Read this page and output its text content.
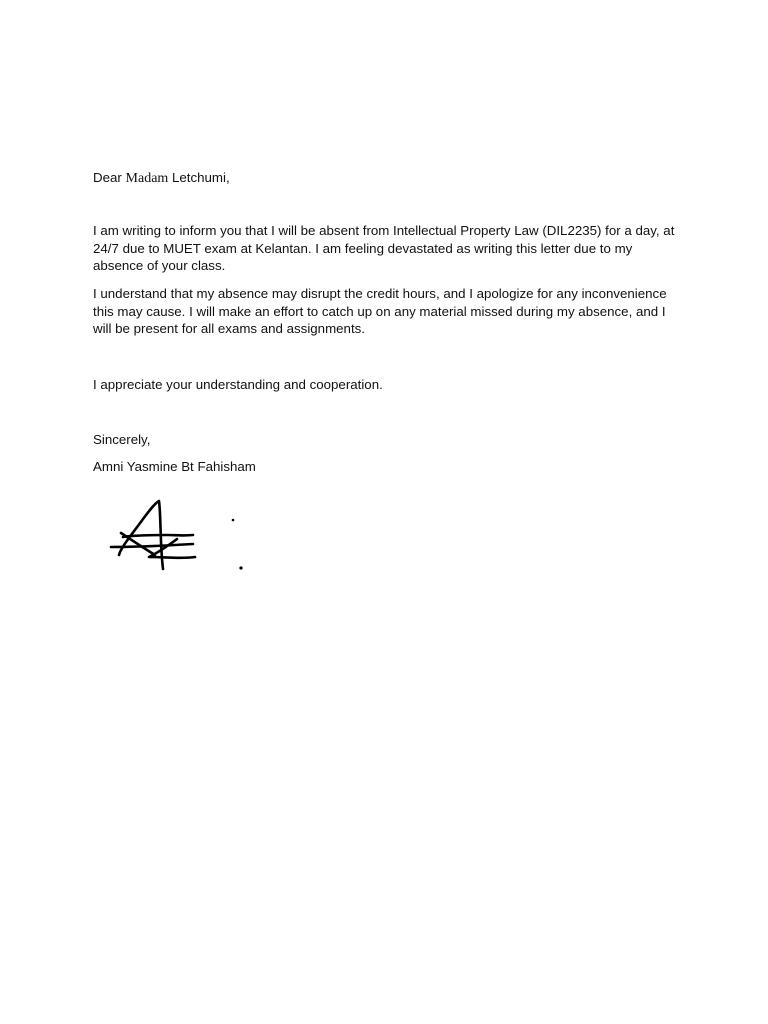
Dear Madam Letchumi,

I am writing to inform you that I will be absent from Intellectual Property Law (DIL2235) for a day, at 24/7 due to MUET exam at Kelantan. I am feeling devastated as writing this letter due to my absence of your class.

I understand that my absence may disrupt the credit hours, and I apologize for any inconvenience this may cause. I will make an effort to catch up on any material missed during my absence, and I will be present for all exams and assignments.

I appreciate your understanding and cooperation.

Sincerely,
Amni Yasmine Bt Fahisham
